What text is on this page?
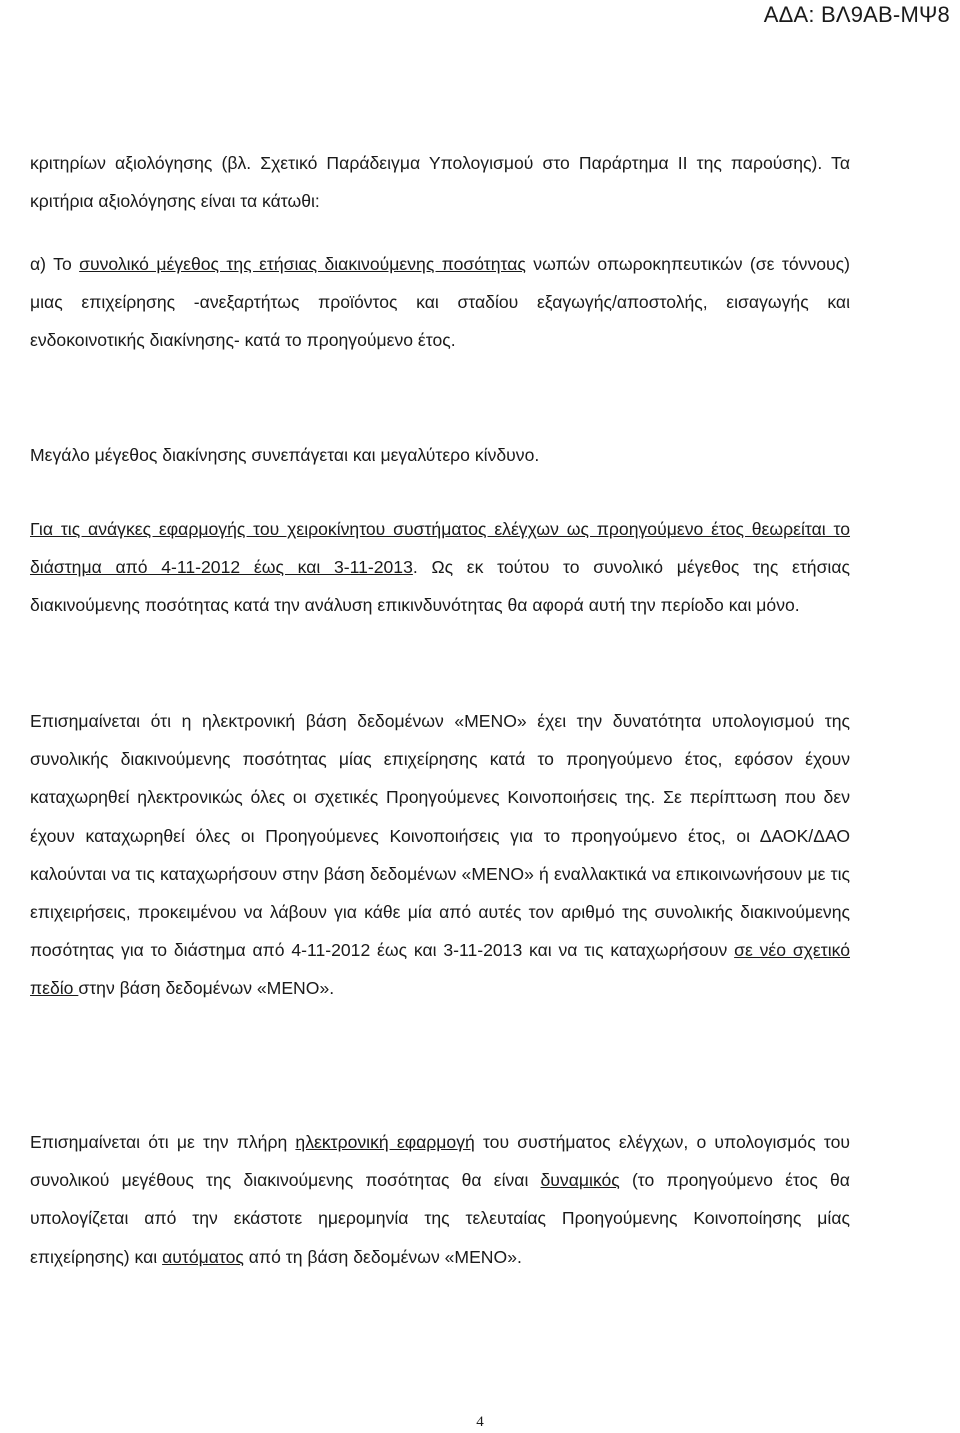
ΑΔΑ: ΒΛ9ΑΒ-ΜΨ8

κριτηρίων αξιολόγησης (βλ. Σχετικό Παράδειγμα Υπολογισμού στο Παράρτημα ΙΙ της παρούσης). Τα κριτήρια αξιολόγησης είναι τα κάτωθι:

α) Το συνολικό μέγεθος της ετήσιας διακινούμενης ποσότητας νωπών οπωροκηπευτικών (σε τόννους) μιας επιχείρησης -ανεξαρτήτως προϊόντος και σταδίου εξαγωγής/αποστολής, εισαγωγής και ενδοκοινοτικής διακίνησης- κατά το προηγούμενο έτος.

Μεγάλο μέγεθος διακίνησης συνεπάγεται και μεγαλύτερο κίνδυνο.

Για τις ανάγκες εφαρμογής του χειροκίνητου συστήματος ελέγχων ως προηγούμενο έτος θεωρείται το διάστημα από 4-11-2012 έως και 3-11-2013. Ως εκ τούτου το συνολικό μέγεθος της ετήσιας διακινούμενης ποσότητας κατά την ανάλυση επικινδυνότητας θα αφορά αυτή την περίοδο και μόνο.

Επισημαίνεται ότι η ηλεκτρονική βάση δεδομένων «ΜΕΝΟ» έχει την δυνατότητα υπολογισμού της συνολικής διακινούμενης ποσότητας μίας επιχείρησης κατά το προηγούμενο έτος, εφόσον έχουν καταχωρηθεί ηλεκτρονικώς όλες οι σχετικές Προηγούμενες Κοινοποιήσεις της. Σε περίπτωση που δεν έχουν καταχωρηθεί όλες οι Προηγούμενες Κοινοποιήσεις για το προηγούμενο έτος, οι ΔΑΟΚ/ΔΑΟ καλούνται να τις καταχωρήσουν στην βάση δεδομένων «ΜΕΝΟ» ή εναλλακτικά να επικοινωνήσουν με τις επιχειρήσεις, προκειμένου να λάβουν για κάθε μία από αυτές τον αριθμό της συνολικής διακινούμενης ποσότητας για το διάστημα από 4-11-2012 έως και 3-11-2013 και να τις καταχωρήσουν σε νέο σχετικό πεδίο στην βάση δεδομένων «ΜΕΝΟ».

Επισημαίνεται ότι με την πλήρη ηλεκτρονική εφαρμογή του συστήματος ελέγχων, ο υπολογισμός του συνολικού μεγέθους της διακινούμενης ποσότητας θα είναι δυναμικός (το προηγούμενο έτος θα υπολογίζεται από την εκάστοτε ημερομηνία της τελευταίας Προηγούμενης Κοινοποίησης μίας επιχείρησης) και αυτόματος από τη βάση δεδομένων «ΜΕΝΟ».

4
